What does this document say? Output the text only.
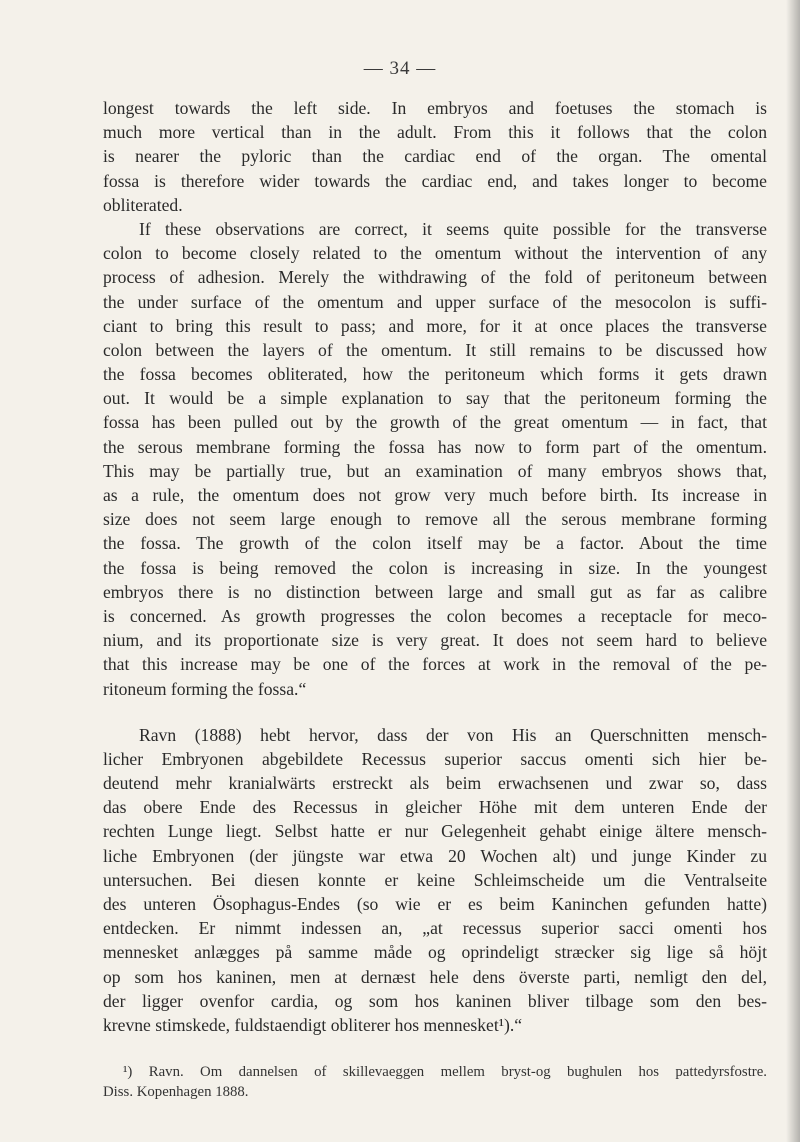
— 34 —
longest towards the left side. In embryos and foetuses the stomach is
much more vertical than in the adult. From this it follows that the colon
is nearer the pyloric than the cardiac end of the organ. The omental
fossa is therefore wider towards the cardiac end, and takes longer to become
obliterated.
If these observations are correct, it seems quite possible for the transverse
colon to become closely related to the omentum without the intervention of any
process of adhesion. Merely the withdrawing of the fold of peritoneum between
the under surface of the omentum and upper surface of the mesocolon is suffi-
ciant to bring this result to pass; and more, for it at once places the transverse
colon between the layers of the omentum. It still remains to be discussed how
the fossa becomes obliterated, how the peritoneum which forms it gets drawn
out. It would be a simple explanation to say that the peritoneum forming the
fossa has been pulled out by the growth of the great omentum — in fact, that
the serous membrane forming the fossa has now to form part of the omentum.
This may be partially true, but an examination of many embryos shows that,
as a rule, the omentum does not grow very much before birth. Its increase in
size does not seem large enough to remove all the serous membrane forming
the fossa. The growth of the colon itself may be a factor. About the time
the fossa is being removed the colon is increasing in size. In the youngest
embryos there is no distinction between large and small gut as far as calibre
is concerned. As growth progresses the colon becomes a receptacle for meco-
nium, and its proportionate size is very great. It does not seem hard to believe
that this increase may be one of the forces at work in the removal of the pe-
ritoneum forming the fossa.“
Ravn (1888) hebt hervor, dass der von His an Querschnitten mensch-
licher Embryonen abgebildete Recessus superior saccus omenti sich hier be-
deutend mehr kranialwärts erstreckt als beim erwachsenen und zwar so, dass
das obere Ende des Recessus in gleicher Höhe mit dem unteren Ende der
rechten Lunge liegt. Selbst hatte er nur Gelegenheit gehabt einige ältere mensch-
liche Embryonen (der jüngste war etwa 20 Wochen alt) und junge Kinder zu
untersuchen. Bei diesen konnte er keine Schleimscheide um die Ventralseite
des unteren Ösophagus-Endes (so wie er es beim Kaninchen gefunden hatte)
entdecken. Er nimmt indessen an, „at recessus superior sacci omenti hos
mennesket anlægges på samme måde og oprindeligt stræcker sig lige så höjt
op som hos kaninen, men at dernæst hele dens överste parti, nemligt den del,
der ligger ovenfor cardia, og som hos kaninen bliver tilbage som den bes-
krevne stimskede, fuldstaendigt obliterer hos mennesket¹).“
¹) Ravn. Om dannelsen of skillevaeggen mellem bryst-og bughulen hos pattedyrsfostre.
Diss. Kopenhagen 1888.
